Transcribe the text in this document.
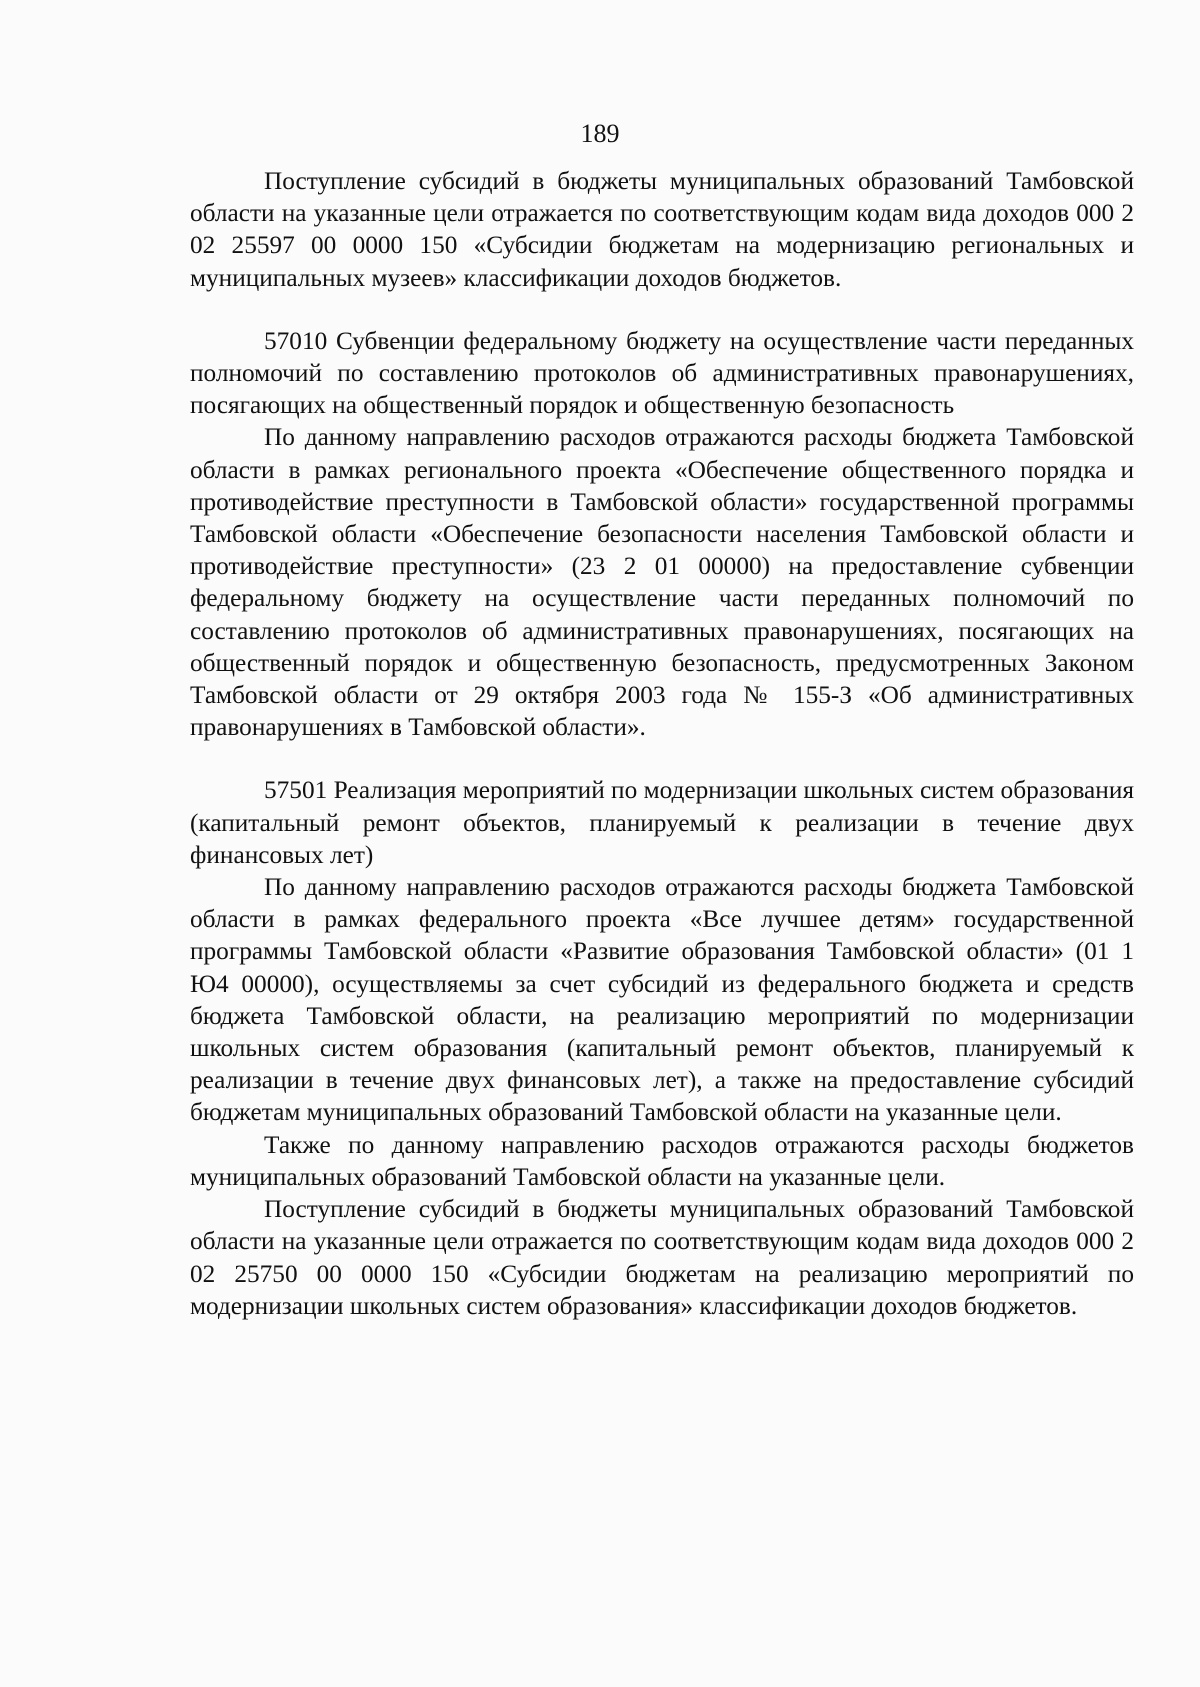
189

Поступление субсидий в бюджеты муниципальных образований Тамбовской области на указанные цели отражается по соответствующим кодам вида доходов 000 2 02 25597 00 0000 150 «Субсидии бюджетам на модернизацию региональных и муниципальных музеев» классификации доходов бюджетов.

57010 Субвенции федеральному бюджету на осуществление части переданных полномочий по составлению протоколов об административных правонарушениях, посягающих на общественный порядок и общественную безопасность

По данному направлению расходов отражаются расходы бюджета Тамбовской области в рамках регионального проекта «Обеспечение общественного порядка и противодействие преступности в Тамбовской области» государственной программы Тамбовской области «Обеспечение безопасности населения Тамбовской области и противодействие преступности» (23 2 01 00000) на предоставление субвенции федеральному бюджету на осуществление части переданных полномочий по составлению протоколов об административных правонарушениях, посягающих на общественный порядок и общественную безопасность, предусмотренных Законом Тамбовской области от 29 октября 2003 года № 155-З «Об административных правонарушениях в Тамбовской области».

57501 Реализация мероприятий по модернизации школьных систем образования (капитальный ремонт объектов, планируемый к реализации в течение двух финансовых лет)

По данному направлению расходов отражаются расходы бюджета Тамбовской области в рамках федерального проекта «Все лучшее детям» государственной программы Тамбовской области «Развитие образования Тамбовской области» (01 1 Ю4 00000), осуществляемы за счет субсидий из федерального бюджета и средств бюджета Тамбовской области, на реализацию мероприятий по модернизации школьных систем образования (капитальный ремонт объектов, планируемый к реализации в течение двух финансовых лет), а также на предоставление субсидий бюджетам муниципальных образований Тамбовской области на указанные цели.

Также по данному направлению расходов отражаются расходы бюджетов муниципальных образований Тамбовской области на указанные цели.

Поступление субсидий в бюджеты муниципальных образований Тамбовской области на указанные цели отражается по соответствующим кодам вида доходов 000 2 02 25750 00 0000 150 «Субсидии бюджетам на реализацию мероприятий по модернизации школьных систем образования» классификации доходов бюджетов.
